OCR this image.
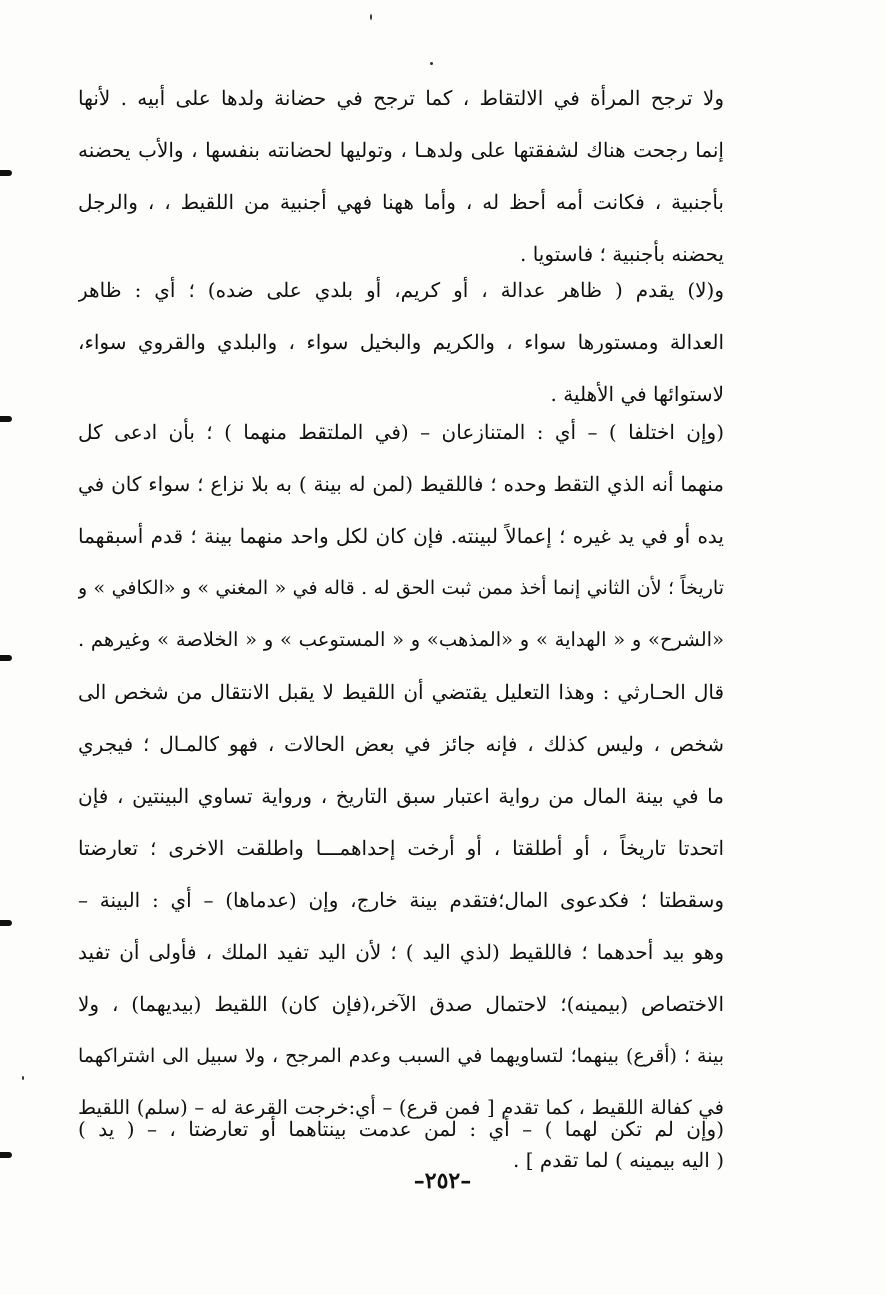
ولا ترجح المرأة في الالتقاط ، كما ترجح في حضانة ولدها على أبيه . لأنها
إنما رجحت هناك لشفقتها على ولدهـا ، وتوليها لحضانته بنفسها ، والأب يحضنه
بأجنبية ، فكانت أمه أحظ له ، وأما ههنا فهي أجنبية من اللقيط ، ، والرجل
يحضنه بأجنبية ؛ فاستويا .
و(لا) يقدم ( ظاهر عدالة ، أو كريم، أو بلدي على ضده) ؛ أي : ظاهر
العدالة ومستورها سواء ، والكريم والبخيل سواء ، والبلدي والقروي سواء،
لاستوائها في الأهلية .
(وإن اختلفا ) – أي : المتنازعان – (في الملتقط منهما ) ؛ بأن ادعى كل
منهما أنه الذي التقط وحده ؛ فاللقيط (لمن له بينة ) به بلا نزاع ؛ سواء كان في
يده أو في يد غيره ؛ إعمالاً لبينته. فإن كان لكل واحد منهما بينة ؛ قدم أسبقهما
تاريخاً ؛ لأن الثاني إنما أخذ ممن ثبت الحق له . قاله في « المغني » و «الكافي » و
«الشرح» و « الهداية » و «المذهب» و « المستوعب » و « الخلاصة » وغيرهم .
قال الحـارثي : وهذا التعليل يقتضي أن اللقيط لا يقبل الانتقال من شخص الى
شخص ، وليس كذلك ، فإنه جائز في بعض الحالات ، فهو كالمـال ؛ فيجري
ما في بينة المال من رواية اعتبار سبق التاريخ ، ورواية تساوي البينتين ، فإن
اتحدتا تاريخاً ، أو أطلقتا ، أو أرخت إحداهمـــا واطلقت الاخرى ؛ تعارضتا
وسقطتا ؛ فكدعوى المال؛فتقدم بينة خارج، وإن (عدماها) – أي : البينة –
وهو بيد أحدهما ؛ فاللقيط (لذي اليد ) ؛ لأن اليد تفيد الملك ، فأولى أن تفيد
الاختصاص (بيمينه)؛ لاحتمال صدق الآخر،(فإن كان) اللقيط (بيديهما) ، ولا
بينة ؛ (أقرع) بينهما؛ لتساويهما في السبب وعدم المرجح ، ولا سبيل الى اشتراكهما
في كفالة اللقيط ، كما تقدم [ فمن قرع) – أي:خرجت القرعة له – (سلم) اللقيط
( اليه بيمينه ) لما تقدم ] .
(وإن لم تكن لهما ) – أي : لمن عدمت بينتاهما أو تعارضتا ، – ( يد )
–٢٥٢–
